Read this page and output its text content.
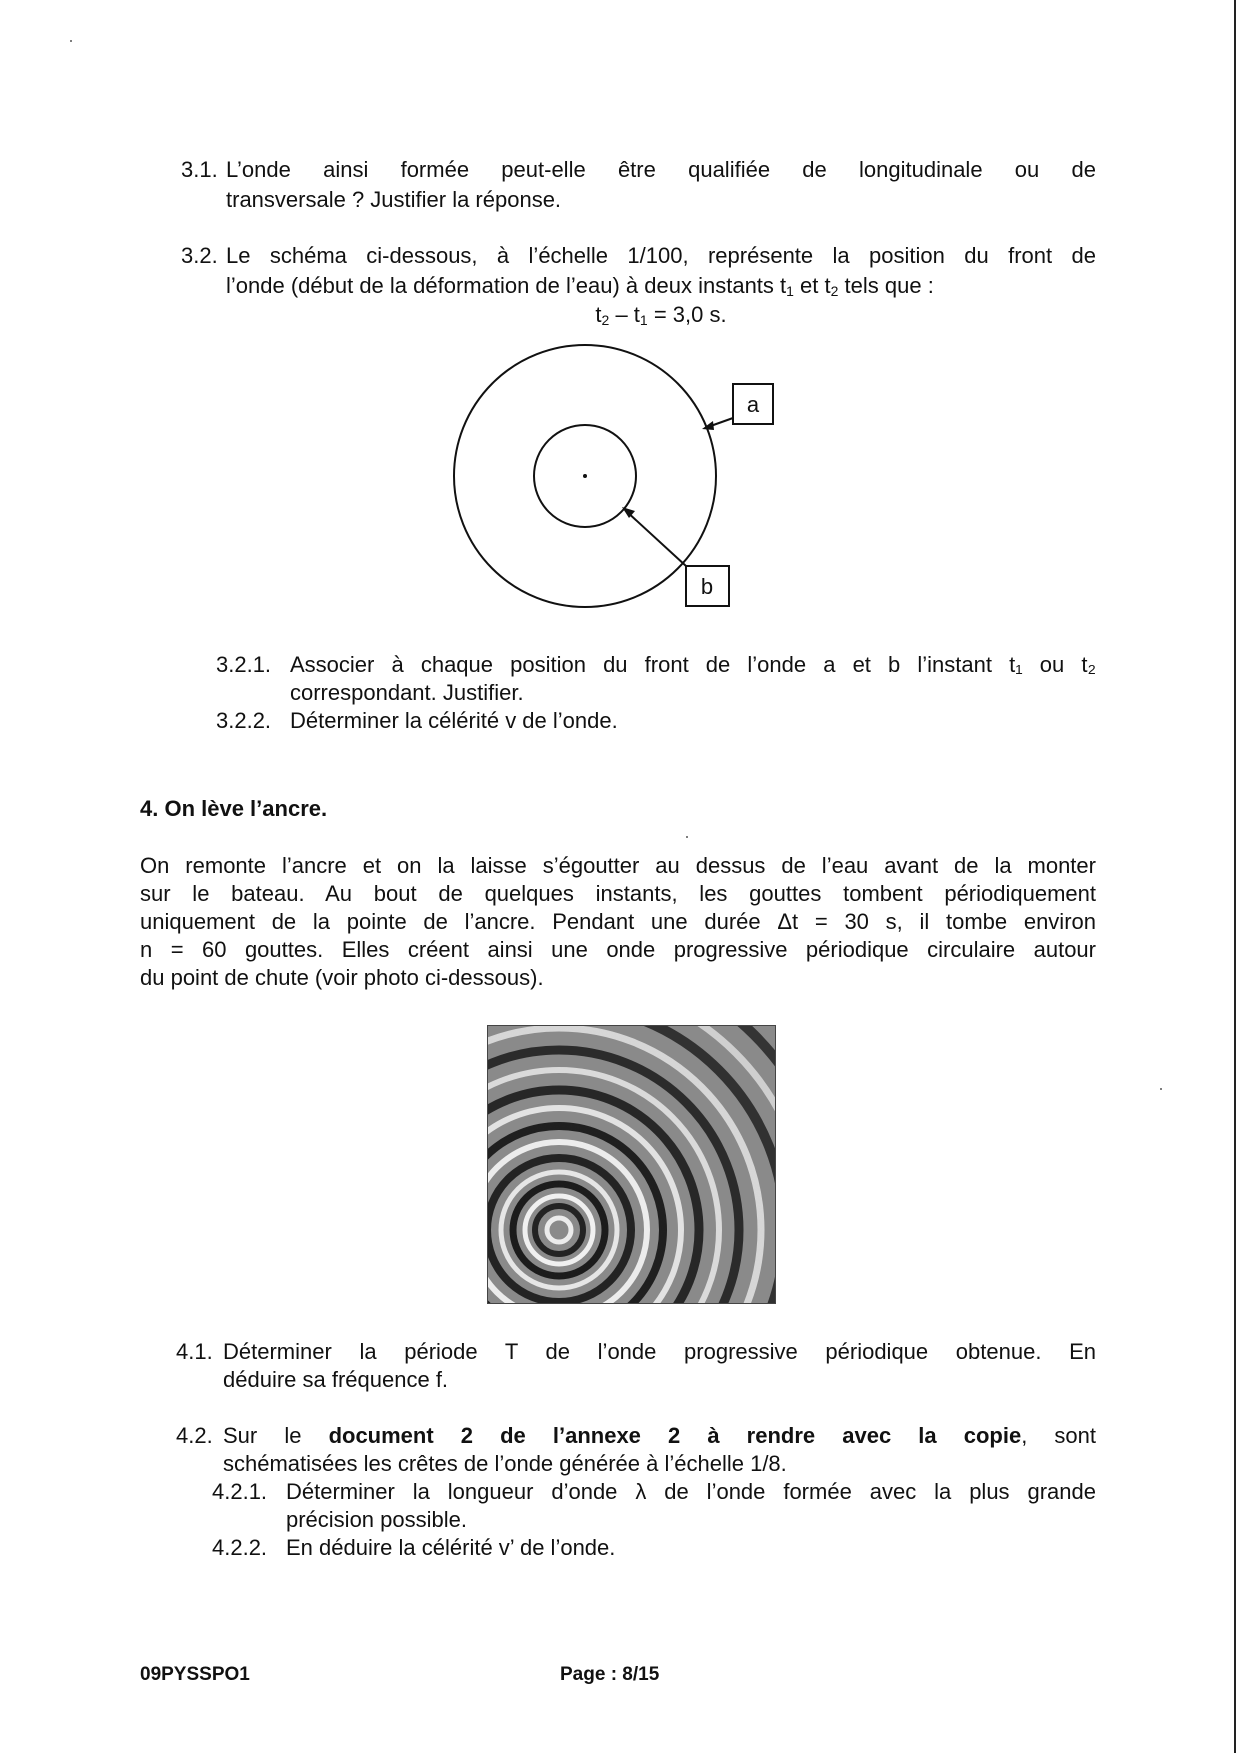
3.1. L’onde ainsi formée peut-elle être qualifiée de longitudinale ou de
transversale ? Justifier la réponse.
3.2. Le schéma ci-dessous, à l’échelle 1/100, représente la position du front de
l’onde (début de la déformation de l’eau) à deux instants $t_1$ et $t_2$ tels que :
$t_2 - t_1 = 3,0$ s.
a
b
3.2.1. Associer à chaque position du front de l’onde a et b l’instant t₁ ou t₂
correspondant. Justifier.
3.2.2. Déterminer la célérité v de l’onde.
4. On lève l’ancre.
On remonte l’ancre et on la laisse s’égoutter au dessus de l’eau avant de la monter
sur le bateau. Au bout de quelques instants, les gouttes tombent périodiquement
uniquement de la pointe de l’ancre. Pendant une durée Δt = 30 s, il tombe environ
n = 60 gouttes. Elles créent ainsi une onde progressive périodique circulaire autour
du point de chute (voir photo ci-dessous).
4.1. Déterminer la période T de l’onde progressive périodique obtenue. En
déduire sa fréquence f.
4.2. Sur le document 2 de l’annexe 2 à rendre avec la copie, sont
schématisées les crêtes de l’onde générée à l’échelle 1/8.
4.2.1. Déterminer la longueur d’onde λ de l’onde formée avec la plus grande
précision possible.
4.2.2. En déduire la célérité v’ de l’onde.
09PYSSPO1	Page : 8/15
